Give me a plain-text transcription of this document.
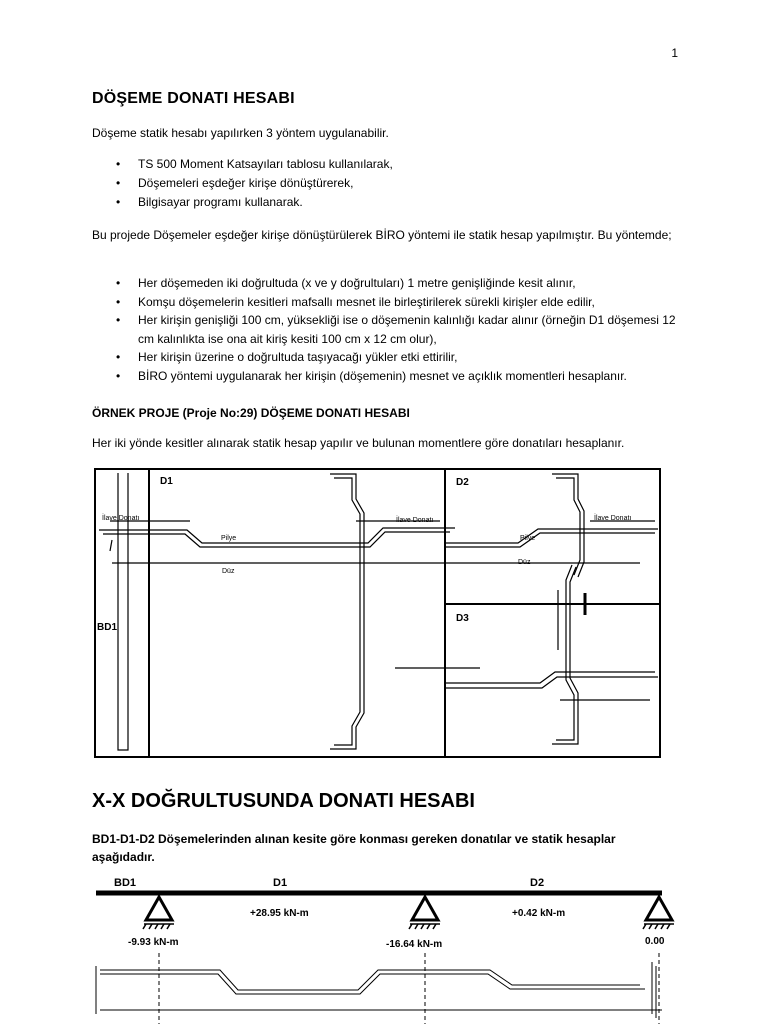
1
DÖŞEME DONATI HESABI
Döşeme statik hesabı yapılırken 3 yöntem uygulanabilir.
• TS 500 Moment Katsayıları tablosu kullanılarak,
• Döşemeleri eşdeğer kirişe dönüştürerek,
• Bilgisayar programı kullanarak.
Bu projede Döşemeler eşdeğer kirişe dönüştürülerek BİRO yöntemi ile statik hesap yapılmıştır. Bu yöntemde;
• Her döşemeden iki doğrultuda (x ve y doğrultuları) 1 metre genişliğinde kesit alınır,
• Komşu döşemelerin kesitleri mafsallı mesnet ile birleştirilerek sürekli kirişler elde edilir,
• Her kirişin genişliği 100 cm, yüksekliği ise o döşemenin kalınlığı kadar alınır (örneğin D1 döşemesi 12 cm kalınlıkta ise ona ait kiriş kesiti 100 cm x 12 cm olur),
• Her kirişin üzerine o doğrultuda taşıyacağı yükler etki ettirilir,
• BİRO yöntemi uygulanarak her kirişin (döşemenin) mesnet ve açıklık momentleri hesaplanır.
ÖRNEK PROJE (Proje No:29) DÖŞEME DONATI HESABI
Her iki yönde kesitler alınarak statik hesap yapılır ve bulunan momentlere göre donatıları hesaplanır.
D1	D2
D3
BD1
İlave Donatı	İlave Donatı	İlave Donatı
Pilye	Pilye
Düz
Düz
X-X DOĞRULTUSUNDA DONATI HESABI
BD1-D1-D2 Döşemelerinden alınan kesite göre konması gereken donatılar ve statik hesaplar aşağıdadır.
BD1	D1	D2
+28.95 kN-m	+0.42 kN-m
-9.93 kN-m	-16.64 kN-m	0.00
